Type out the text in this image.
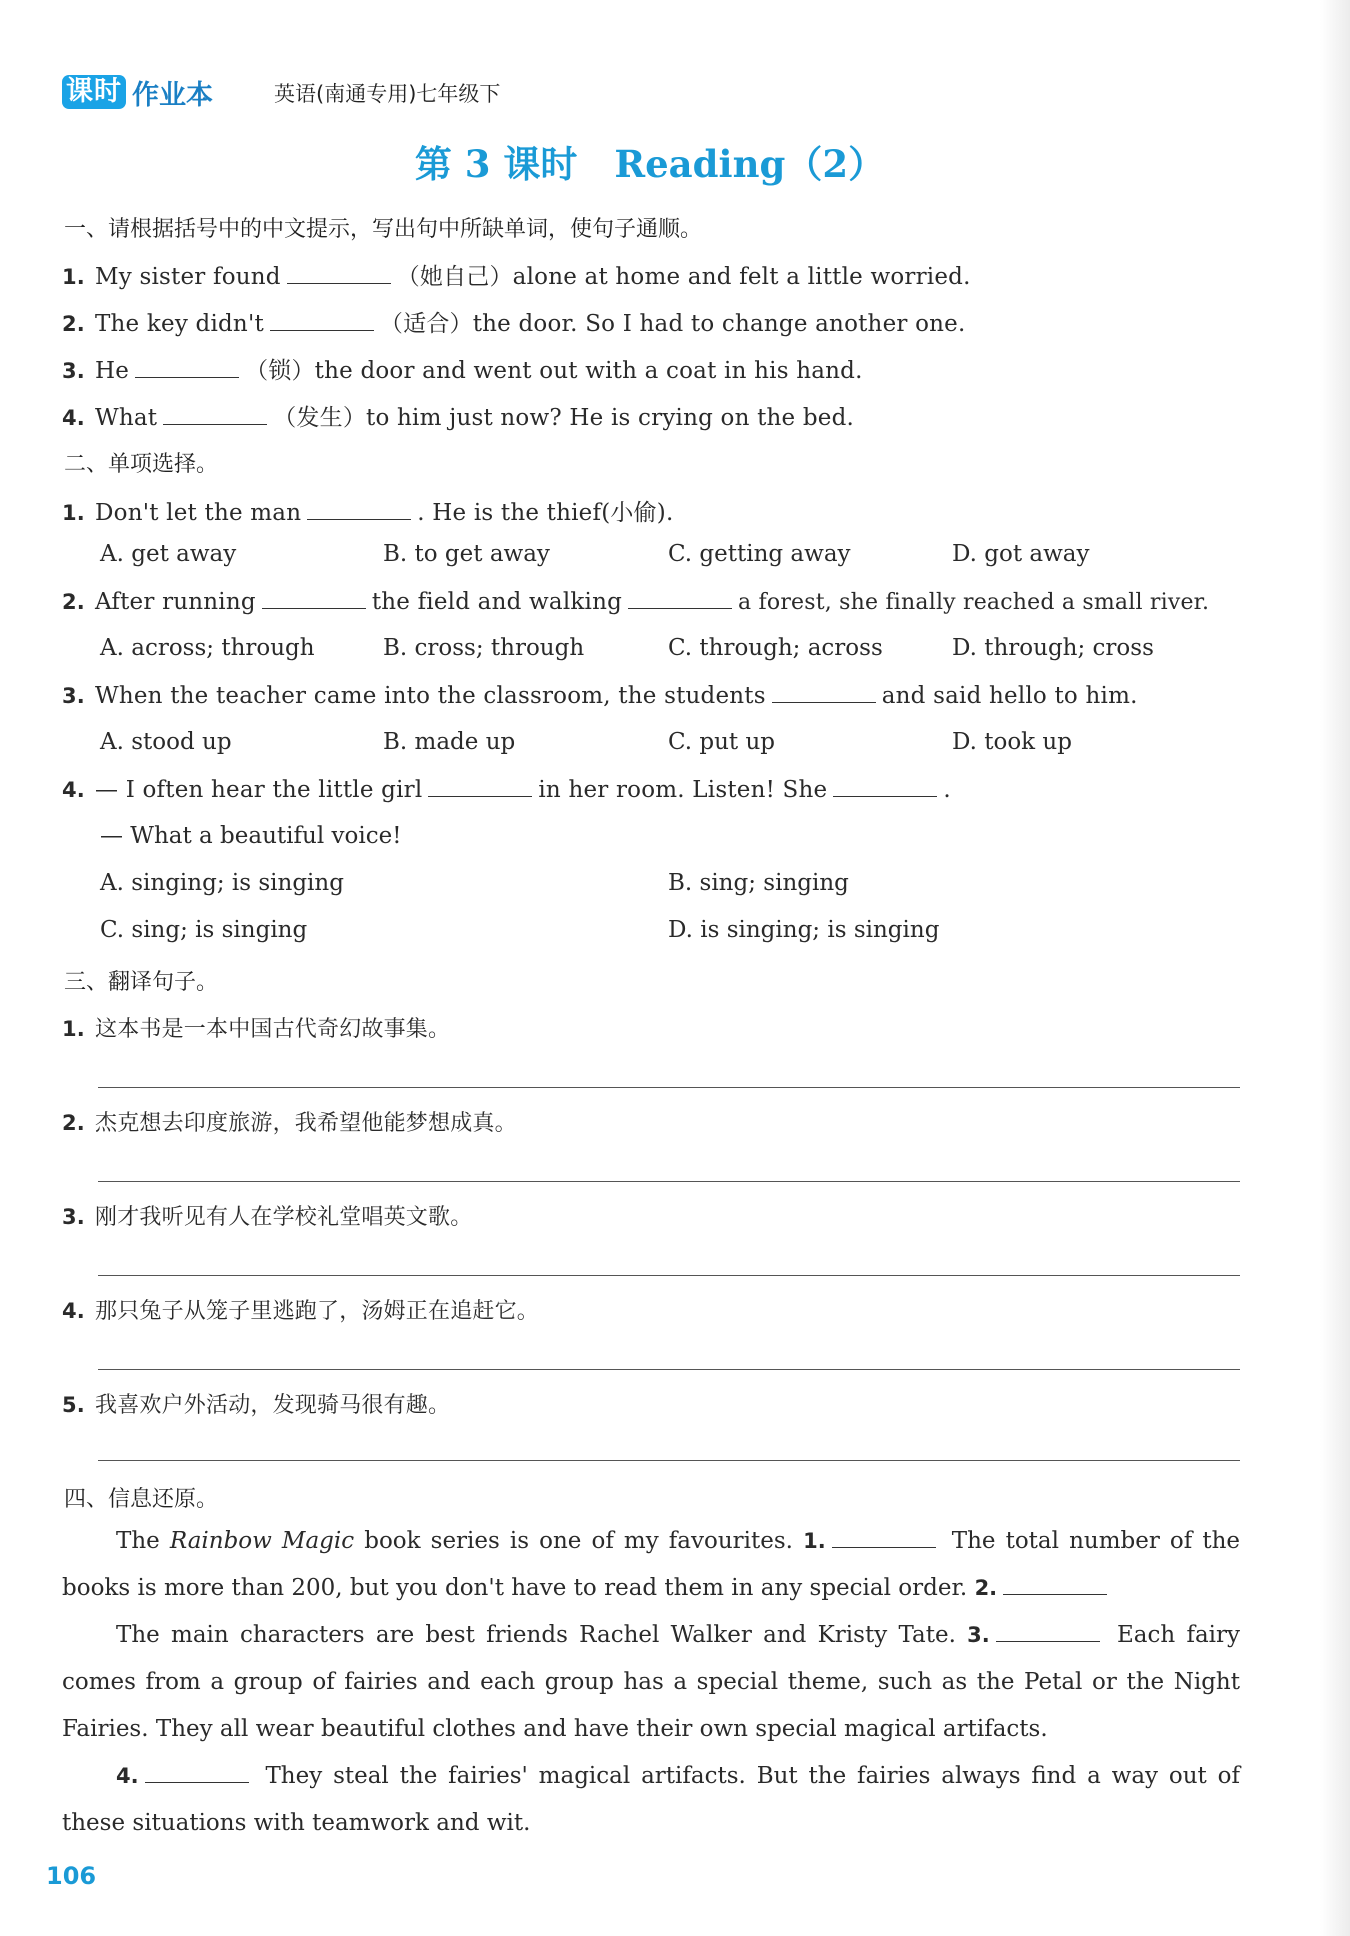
课时 作业本	英语(南通专用)七年级下
第 3 课时　Reading（2）
一、请根据括号中的中文提示，写出句中所缺单词，使句子通顺。
1. My sister found	（她自己）alone at home and felt a little worried.
2. The key didn't	（适合）the door. So I had to change another one.
3. He	（锁）the door and went out with a coat in his hand.
4. What	（发生）to him just now? He is crying on the bed.
二、单项选择。
1. Don't let the man	. He is the thief(小偷).
A. get away	B. to get away	C. getting away	D. got away
2. After running	the field and walking	a forest, she finally reached a small river.
A. across; through	B. cross; through	C. through; across	D. through; cross
3. When the teacher came into the classroom, the students	and said hello to him.
A. stood up	B. made up	C. put up	D. took up
4. — I often hear the little girl	in her room. Listen! She	.
— What a beautiful voice!
A. singing; is singing	B. sing; singing
C. sing; is singing	D. is singing; is singing
三、翻译句子。
1. 这本书是一本中国古代奇幻故事集。
2. 杰克想去印度旅游，我希望他能梦想成真。
3. 刚才我听见有人在学校礼堂唱英文歌。
4. 那只兔子从笼子里逃跑了，汤姆正在追赶它。
5. 我喜欢户外活动，发现骑马很有趣。
四、信息还原。

The Rainbow Magic book series is one of my favourites. 1.	The total number of the books is more than 200, but you don't have to read them in any special order. 2.

The main characters are best friends Rachel Walker and Kristy Tate. 3.	Each fairy comes from a group of fairies and each group has a special theme, such as the Petal or the Night Fairies. They all wear beautiful clothes and have their own special magical artifacts.

4.	They steal the fairies' magical artifacts. But the fairies always find a way out of these situations with teamwork and wit.

106
